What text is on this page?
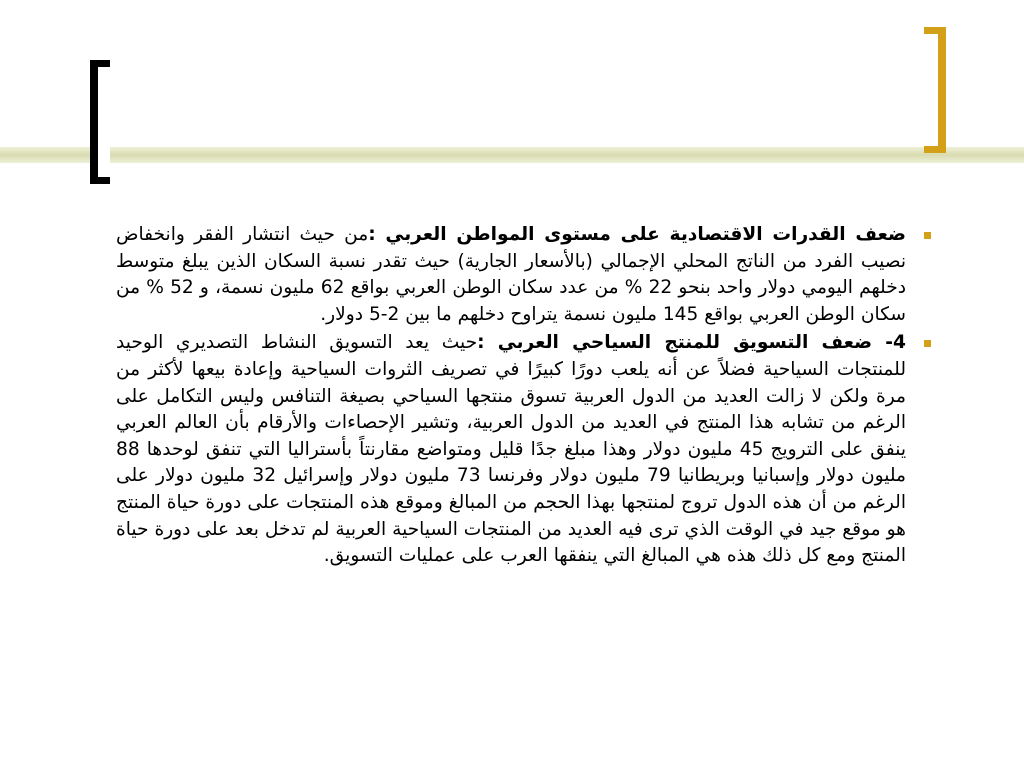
ضعف القدرات الاقتصادية على مستوى المواطن العربي :من حيث انتشار الفقر وانخفاض نصيب الفرد من الناتج المحلي الإجمالي (بالأسعار الجارية) حيث تقدر نسبة السكان الذين يبلغ متوسط دخلهم اليومي دولار واحد بنحو 22 % من عدد سكان الوطن العربي بواقع 62 مليون نسمة، و 52 % من سكان الوطن العربي بواقع 145 مليون نسمة يتراوح دخلهم ما بين 2-5 دولار.
4- ضعف التسويق للمنتج السياحي العربي :حيث يعد التسويق النشاط التصديري الوحيد للمنتجات السياحية فضلاً عن أنه يلعب دورًا كبيرًا في تصريف الثروات السياحية وإعادة بيعها لأكثر من مرة ولكن لا زالت العديد من الدول العربية تسوق منتجها السياحي بصيغة التنافس وليس التكامل على الرغم من تشابه هذا المنتج في العديد من الدول العربية، وتشير الإحصاءات والأرقام بأن العالم العربي ينفق على الترويج 45 مليون دولار وهذا مبلغ جدًا قليل ومتواضع مقارنتاً بأستراليا التي تنفق لوحدها 88 مليون دولار وإسبانيا وبريطانيا 79 مليون دولار وفرنسا 73 مليون دولار وإسرائيل 32 مليون دولار على الرغم من أن هذه الدول تروج لمنتجها بهذا الحجم من المبالغ وموقع هذه المنتجات على دورة حياة المنتج هو موقع جيد في الوقت الذي ترى فيه العديد من المنتجات السياحية العربية لم تدخل بعد على دورة حياة المنتج ومع كل ذلك هذه هي المبالغ التي ينفقها العرب على عمليات التسويق.
